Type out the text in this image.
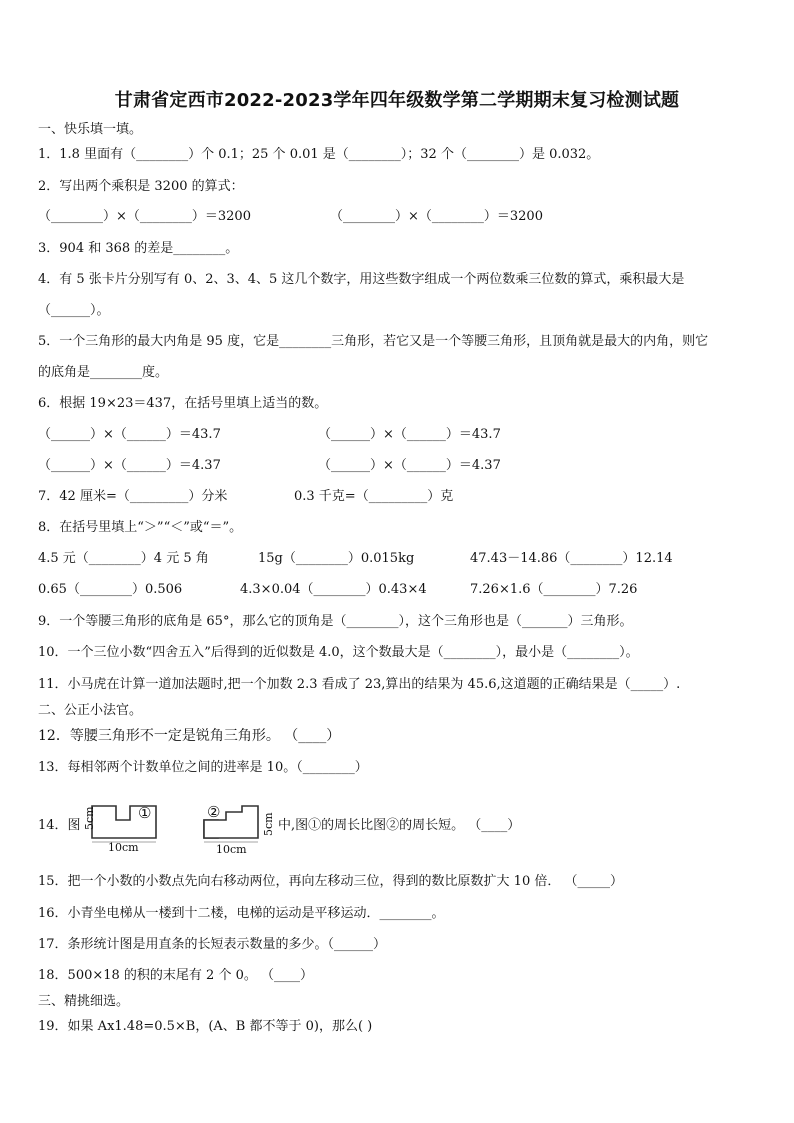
甘肃省定西市2022-2023学年四年级数学第二学期期末复习检测试题
一、快乐填一填。
1．1.8 里面有（________）个 0.1；25 个 0.01 是（________）；32 个（________）是 0.032。
2．写出两个乘积是 3200 的算式：
（________）×（________）＝3200	（________）×（________）＝3200
3．904 和 368 的差是________。
4．有 5 张卡片分别写有 0、2、3、4、5 这几个数字，用这些数字组成一个两位数乘三位数的算式，乘积最大是
（______）。
5．一个三角形的最大内角是 95 度，它是________三角形，若它又是一个等腰三角形，且顶角就是最大的内角，则它
的底角是________度。
6．根据 19×23＝437，在括号里填上适当的数。
（______）×（______）＝43.7	（______）×（______）＝43.7
（______）×（______）＝4.37	（______）×（______）＝4.37
7．42 厘米=（_________）分米	0.3 千克=（_________）克
8．在括号里填上“＞”“＜”或“＝”。
4.5 元（________）4 元 5 角	15g（________）0.015kg	47.43－14.86（________）12.14
0.65（________）0.506	4.3×0.04（________）0.43×4	7.26×1.6（________）7.26
9．一个等腰三角形的底角是 65°，那么它的顶角是（________），这个三角形也是（_______）三角形。
10．一个三位小数“四舍五入”后得到的近似数是 4.0，这个数最大是（________），最小是（________）。
11．小马虎在计算一道加法题时,把一个加数 2.3 看成了 23,算出的结果为 45.6,这道题的正确结果是（_____）.
二、公正小法官。
12．等腰三角形不一定是锐角三角形。 （____）
13．每相邻两个计数单位之间的进率是 10。（________）
14．图 5cm	①
10cm
②
5cm
10cm
中,图①的周长比图②的周长短。 （____）
15．把一个小数的小数点先向右移动两位，再向左移动三位，得到的数比原数扩大 10 倍． （_____）
16．小青坐电梯从一楼到十二楼，电梯的运动是平移运动．________。
17．条形统计图是用直条的长短表示数量的多少。（______）
18．500×18 的积的末尾有 2 个 0。 （____）
三、精挑细选。
19．如果 Ax1.48=0.5×B，(A、B 都不等于 0)，那么( )
